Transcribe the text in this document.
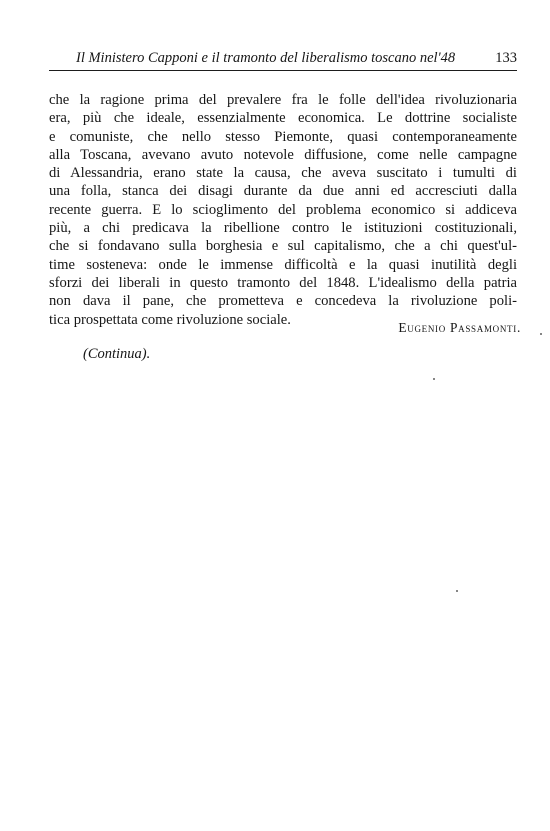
Il Ministero Capponi e il tramonto del liberalismo toscano nel'48	133
che la ragione prima del prevalere fra le folle dell'idea rivoluzionaria
era, più che ideale, essenzialmente economica. Le dottrine socialiste
e comuniste, che nello stesso Piemonte, quasi contemporaneamente
alla Toscana, avevano avuto notevole diffusione, come nelle campagne
di Alessandria, erano state la causa, che aveva suscitato i tumulti di
una folla, stanca dei disagi durante da due anni ed accresciuti dalla
recente guerra. E lo scioglimento del problema economico si addiceva
più, a chi predicava la ribellione contro le istituzioni costituzionali,
che si fondavano sulla borghesia e sul capitalismo, che a chi quest'ul-
time sosteneva: onde le immense difficoltà e la quasi inutilità degli
sforzi dei liberali in questo tramonto del 1848. L'idealismo della patria
non dava il pane, che prometteva e concedeva la rivoluzione poli-
tica prospettata come rivoluzione sociale.	Eugenio Passamonti.
(Continua).
